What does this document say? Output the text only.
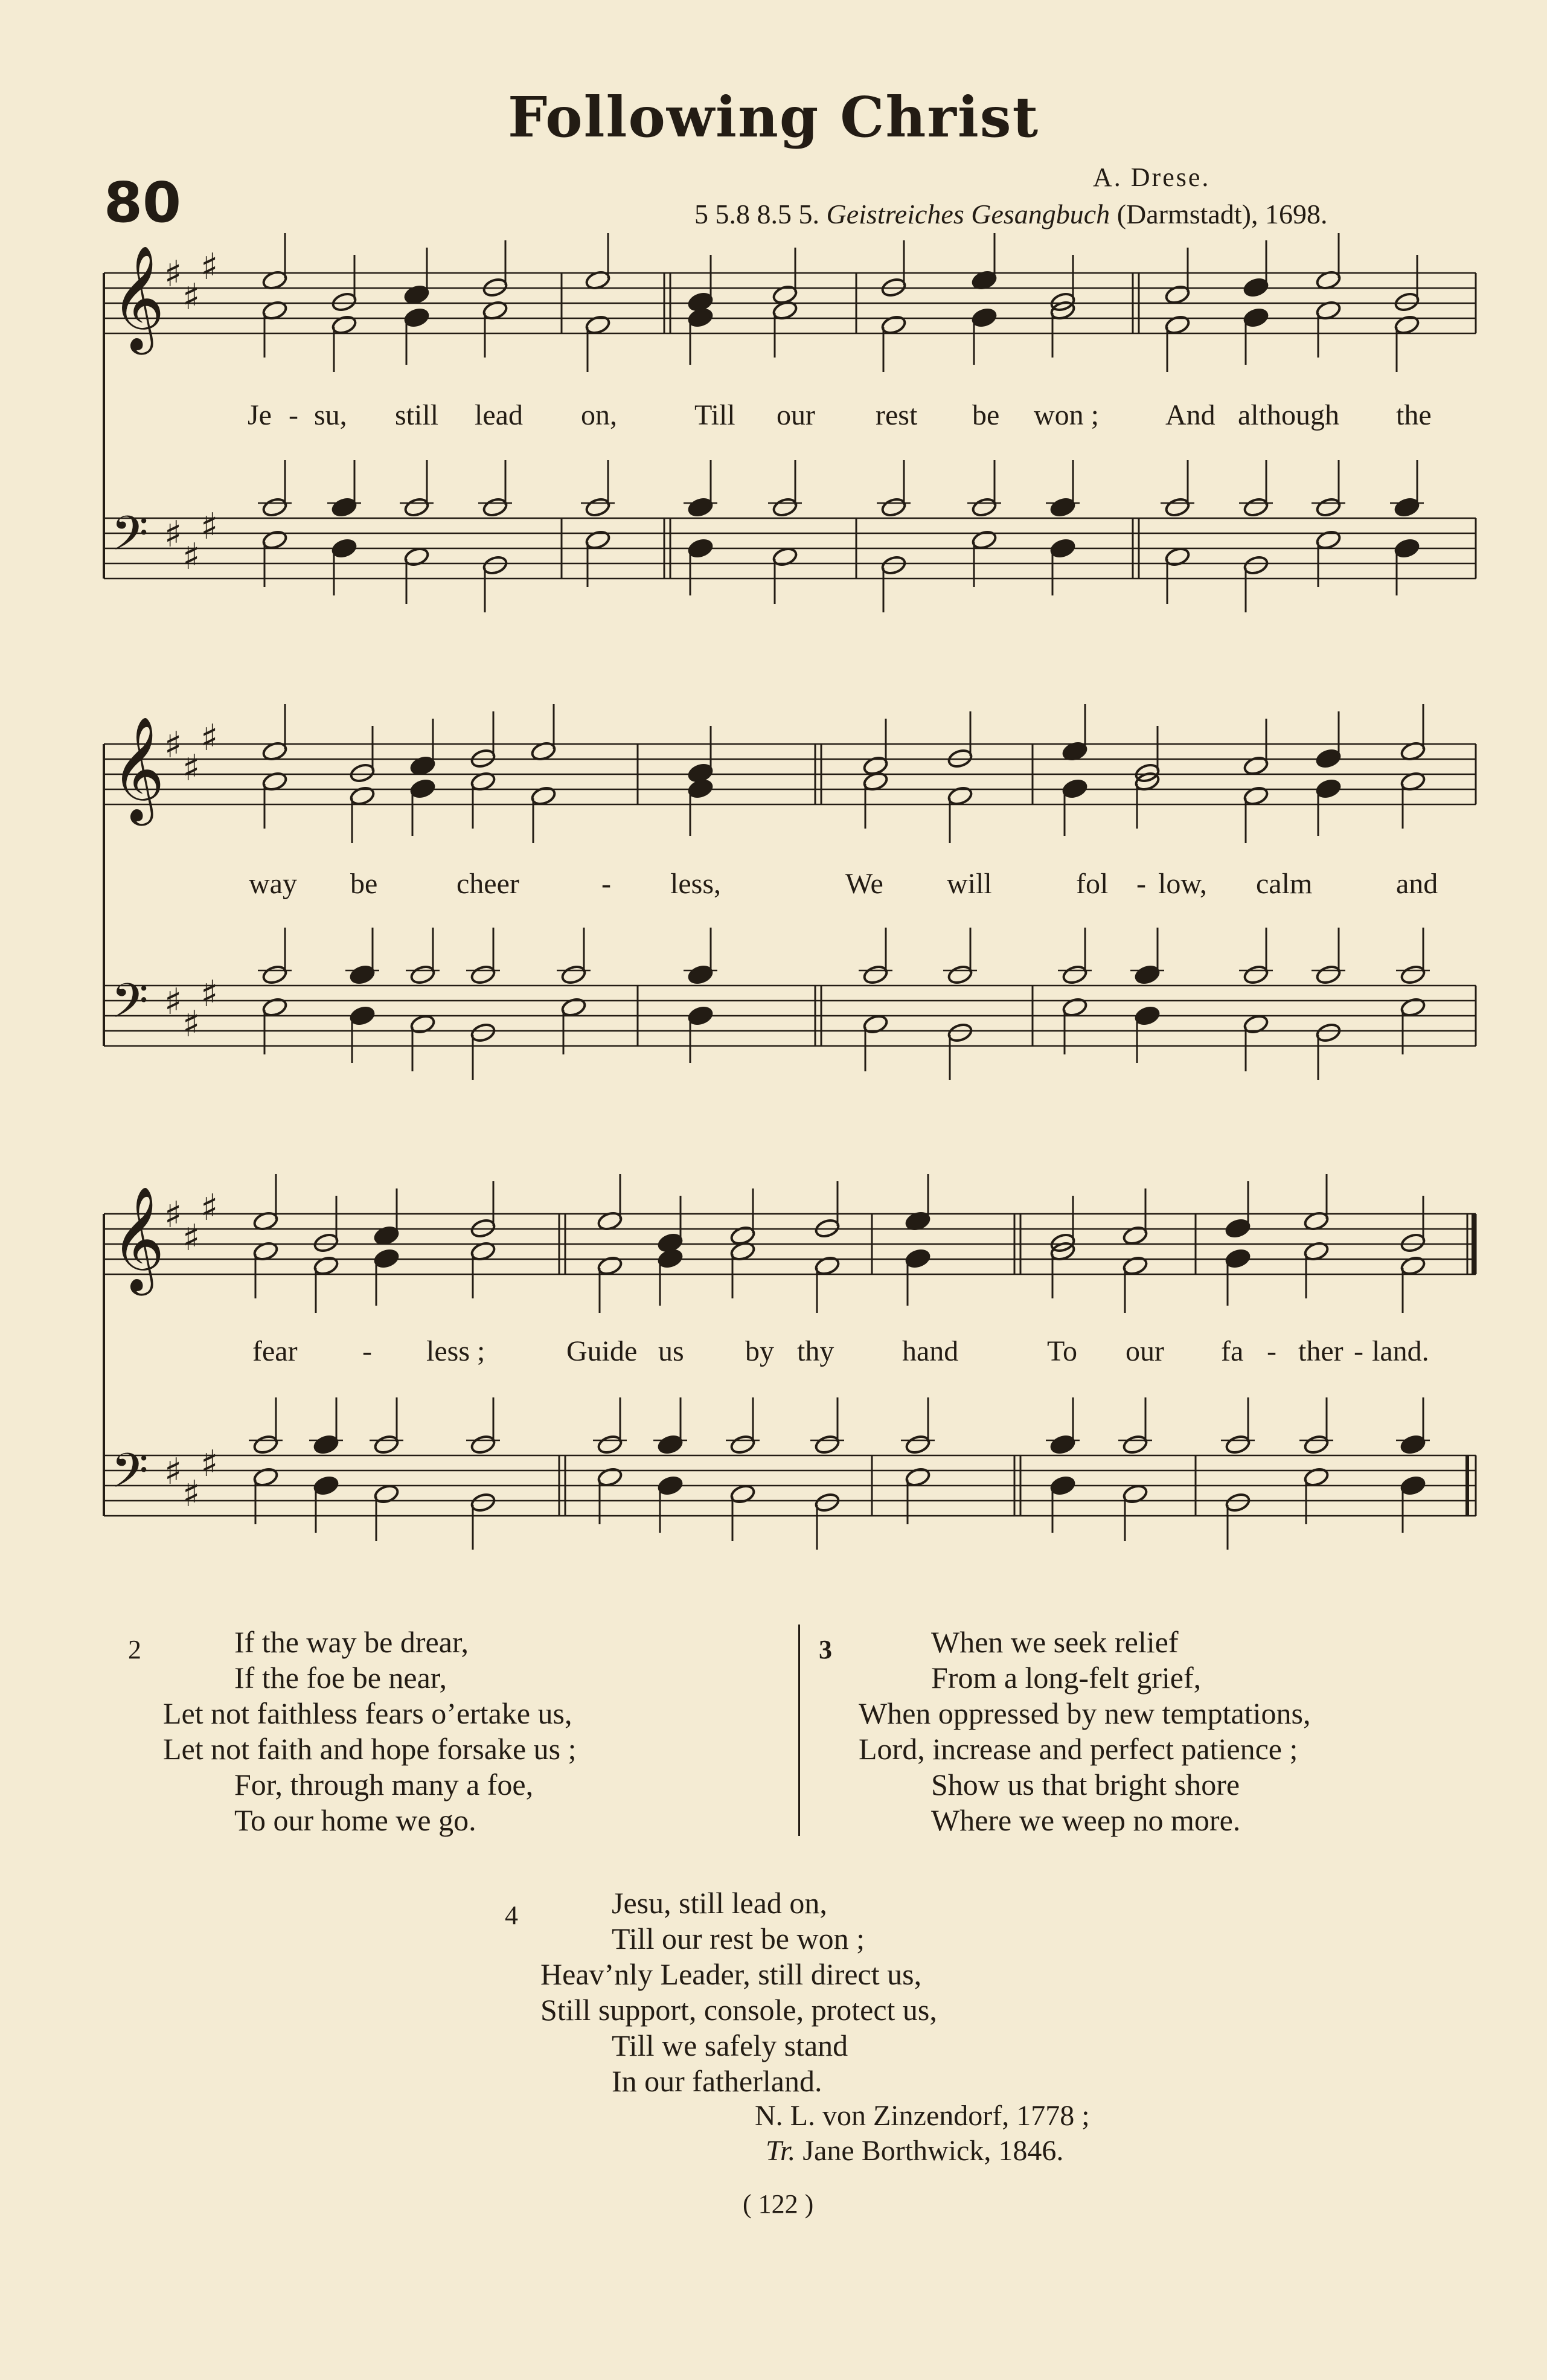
Following Christ
80	A. Drese.
5 5.8 8.5 5. Geistreiches Gesangbuch (Darmstadt), 1698.
𝄞 ♯
♯
♯
𝄢 ♯
♯
♯
𝄞 ♯
♯
♯
𝄢 ♯
♯
♯
𝄞 ♯
♯
♯
𝄢 ♯
♯
♯
Je - su, still lead on,	Till our rest be won ; And although the
way be	cheer	- less,	We will	fol - low, calm	and
fear - less ;	Guide us by thy hand	To our fa - ther - land.
2	If the way be drear,
If the foe be near,
Let not faithless fears o’ertake us,
Let not faith and hope forsake us ;
For, through many a foe,
To our home we go.
3	When we seek relief
From a long-felt grief,
When oppressed by new temptations,
Lord, increase and perfect patience ;
Show us that bright shore
Where we weep no more.
4	Jesu, still lead on,
Till our rest be won ;
Heav’nly Leader, still direct us,
Still support, console, protect us,
Till we safely stand
In our fatherland.
N. L. von Zinzendorf, 1778 ;
Tr. Jane Borthwick, 1846.
( 122 )
